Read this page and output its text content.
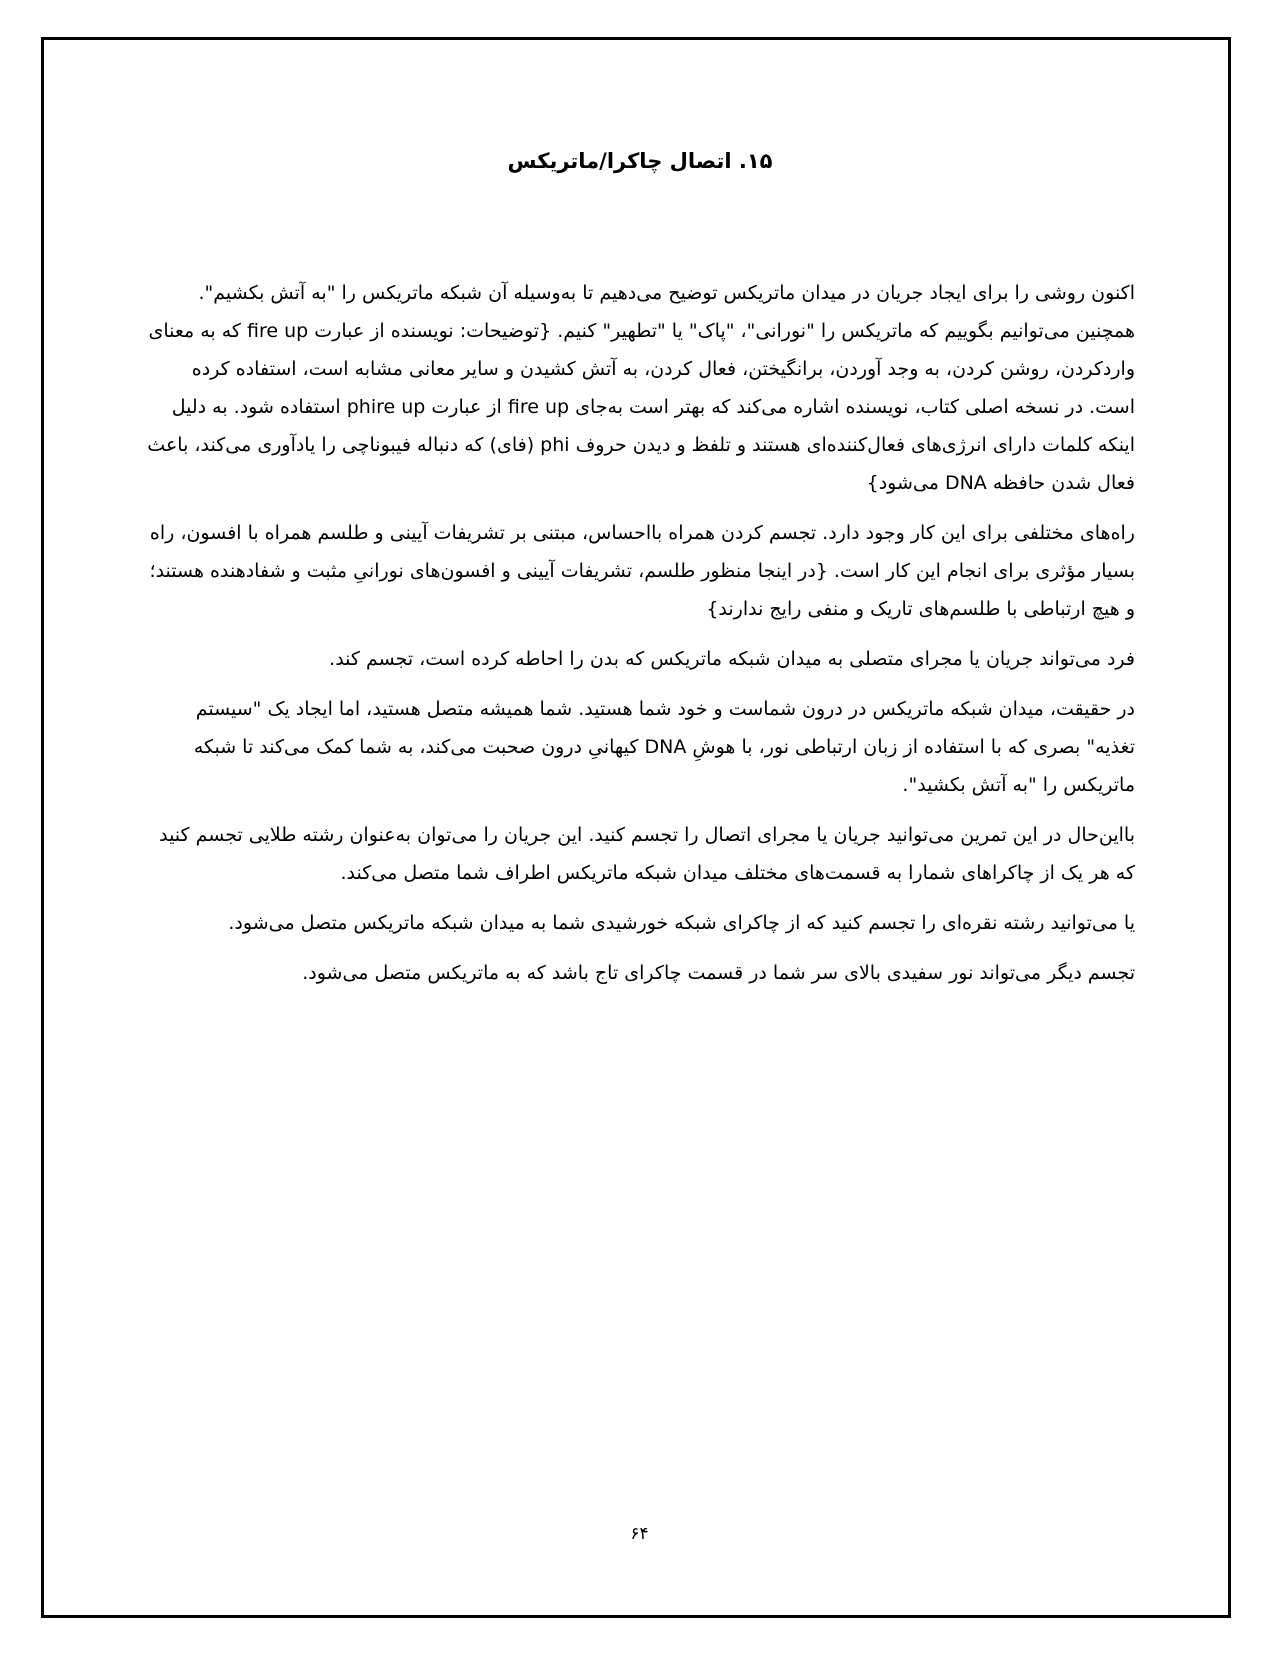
۱۵. اتصال چاکرا/ماتریکس

اکنون روشی را برای ایجاد جریان در میدان ماتریکس توضیح می‌دهیم تا به‌وسیله آن شبکه ماتریکس را "به آتش بکشیم". همچنین می‌توانیم بگوییم که ماتریکس را "نورانی"، "پاک" یا "تطهیر" کنیم. {توضیحات: نویسنده از عبارت fire up که به معنای واردکردن، روشن کردن، به وجد آوردن، برانگیختن، فعال کردن، به آتش کشیدن و سایر معانی مشابه است، استفاده کرده است. در نسخه اصلی کتاب، نویسنده اشاره می‌کند که بهتر است به‌جای fire up از عبارت phire up استفاده شود. به دلیل اینکه کلمات دارای انرژی‌های فعال‌کننده‌ای هستند و تلفظ و دیدن حروف phi (فای) که دنباله فیبوناچی را یادآوری می‌کند، باعث فعال شدن حافظه DNA می‌شود}

راه‌های مختلفی برای این کار وجود دارد. تجسم کردن همراه بااحساس، مبتنی بر تشریفات آیینی و طلسم همراه با افسون، راه بسیار مؤثری برای انجام این کار است. {در اینجا منظور طلسم، تشریفات آیینی و افسون‌های نورانیِ مثبت و شفادهنده هستند؛ و هیچ ارتباطی با طلسم‌های تاریک و منفی رایج ندارند}

فرد می‌تواند جریان یا مجرای متصلی به میدان شبکه ماتریکس که بدن را احاطه کرده است، تجسم کند.

در حقیقت، میدان شبکه ماتریکس در درون شماست و خود شما هستید. شما همیشه متصل هستید، اما ایجاد یک "سیستم تغذیه" بصری که با استفاده از زبان ارتباطی نور، با هوشِ DNA کیهانیِ درون صحبت می‌کند، به شما کمک می‌کند تا شبکه ماتریکس را "به آتش بکشید".

بااین‌حال در این تمرین می‌توانید جریان یا مجرای اتصال را تجسم کنید. این جریان را می‌توان به‌عنوان رشته طلایی تجسم کنید که هر یک از چاکراهای شمارا به قسمت‌های مختلف میدان شبکه ماتریکس اطراف شما متصل می‌کند.

یا می‌توانید رشته نقره‌ای را تجسم کنید که از چاکرای شبکه خورشیدی شما به میدان شبکه ماتریکس متصل می‌شود.

تجسم دیگر می‌تواند نور سفیدی بالای سر شما در قسمت چاکرای تاج باشد که به ماتریکس متصل می‌شود.

۶۴
